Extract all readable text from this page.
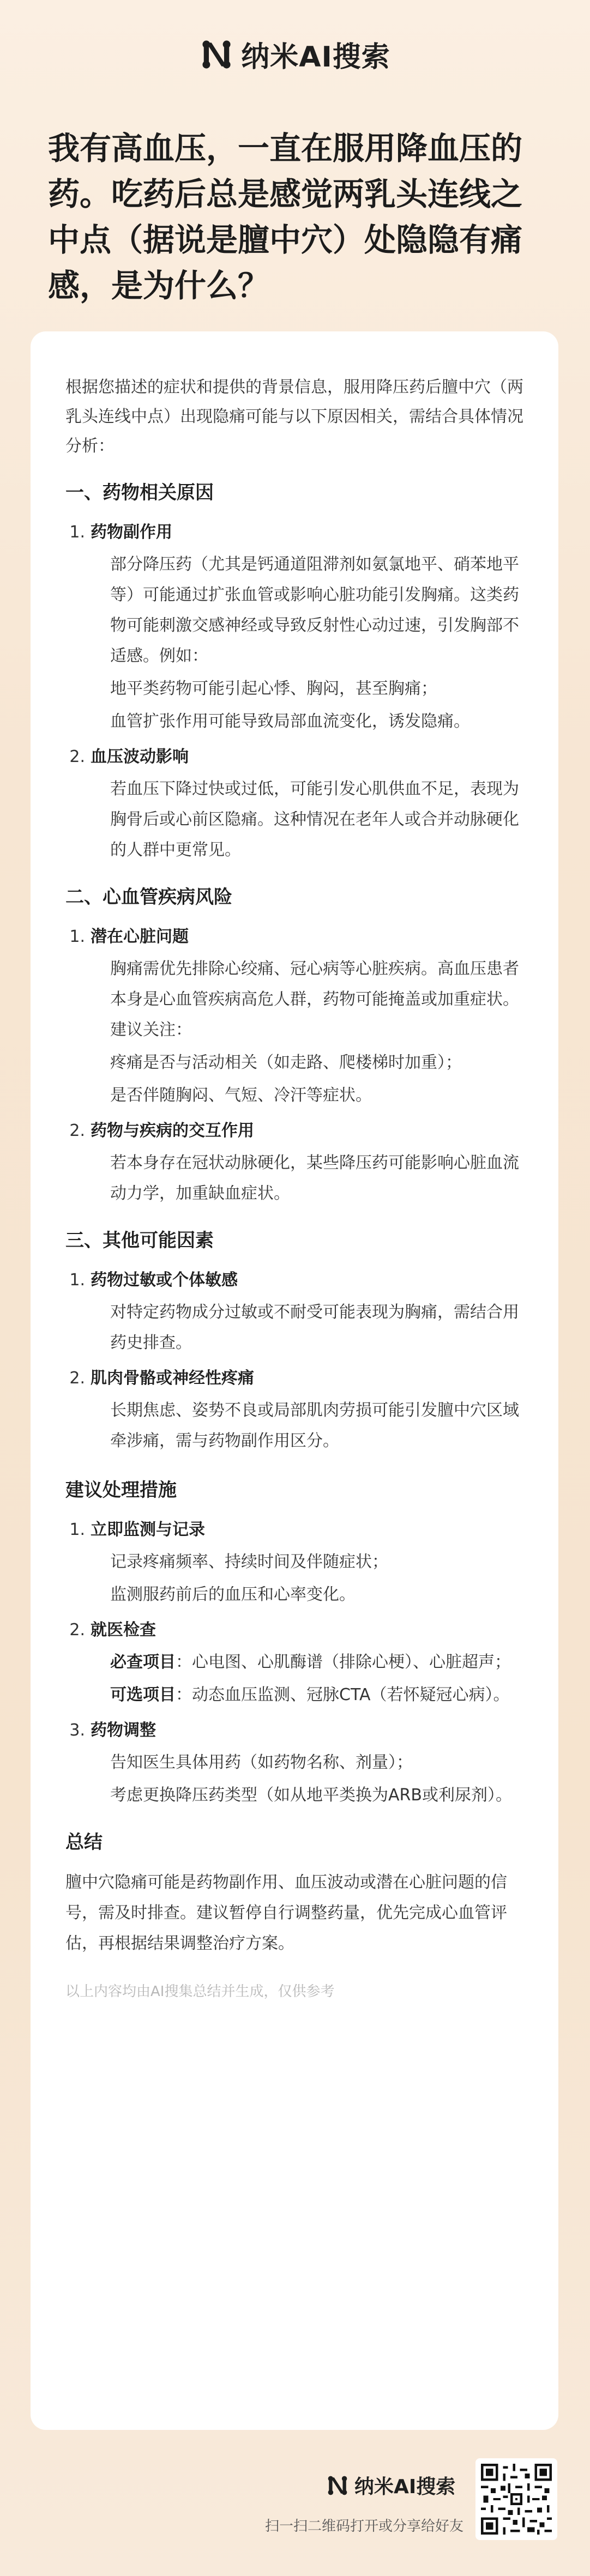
纳米AI搜索
我有高血压，一直在服用降血压的药。吃药后总是感觉两乳头连线之中点（据说是膻中穴）处隐隐有痛感，是为什么？

根据您描述的症状和提供的背景信息，服用降压药后膻中穴（两乳头连线中点）出现隐痛可能与以下原因相关，需结合具体情况分析：

一、药物相关原因
1. 药物副作用

部分降压药（尤其是钙通道阻滞剂如氨氯地平、硝苯地平等）可能通过扩张血管或影响心脏功能引发胸痛。这类药物可能刺激交感神经或导致反射性心动过速，引发胸部不适感。例如：

地平类药物可能引起心悸、胸闷，甚至胸痛；

血管扩张作用可能导致局部血流变化，诱发隐痛。

2. 血压波动影响

若血压下降过快或过低，可能引发心肌供血不足，表现为胸骨后或心前区隐痛。这种情况在老年人或合并动脉硬化的人群中更常见。

二、心血管疾病风险
1. 潜在心脏问题

胸痛需优先排除心绞痛、冠心病等心脏疾病。高血压患者本身是心血管疾病高危人群，药物可能掩盖或加重症状。建议关注：

疼痛是否与活动相关（如走路、爬楼梯时加重）；

是否伴随胸闷、气短、冷汗等症状。

2. 药物与疾病的交互作用

若本身存在冠状动脉硬化，某些降压药可能影响心脏血流动力学，加重缺血症状。

三、其他可能因素
1. 药物过敏或个体敏感

对特定药物成分过敏或不耐受可能表现为胸痛，需结合用药史排查。

2. 肌肉骨骼或神经性疼痛

长期焦虑、姿势不良或局部肌肉劳损可能引发膻中穴区域牵涉痛，需与药物副作用区分。

建议处理措施
1. 立即监测与记录

记录疼痛频率、持续时间及伴随症状；

监测服药前后的血压和心率变化。

2. 就医检查

必查项目：心电图、心肌酶谱（排除心梗）、心脏超声；

可选项目：动态血压监测、冠脉CTA（若怀疑冠心病）。

3. 药物调整

告知医生具体用药（如药物名称、剂量）；

考虑更换降压药类型（如从地平类换为ARB或利尿剂）。

总结

膻中穴隐痛可能是药物副作用、血压波动或潜在心脏问题的信号，需及时排查。建议暂停自行调整药量，优先完成心血管评估，再根据结果调整治疗方案。

以上内容均由AI搜集总结并生成，仅供参考
纳米AI搜索
扫一扫二维码打开或分享给好友
